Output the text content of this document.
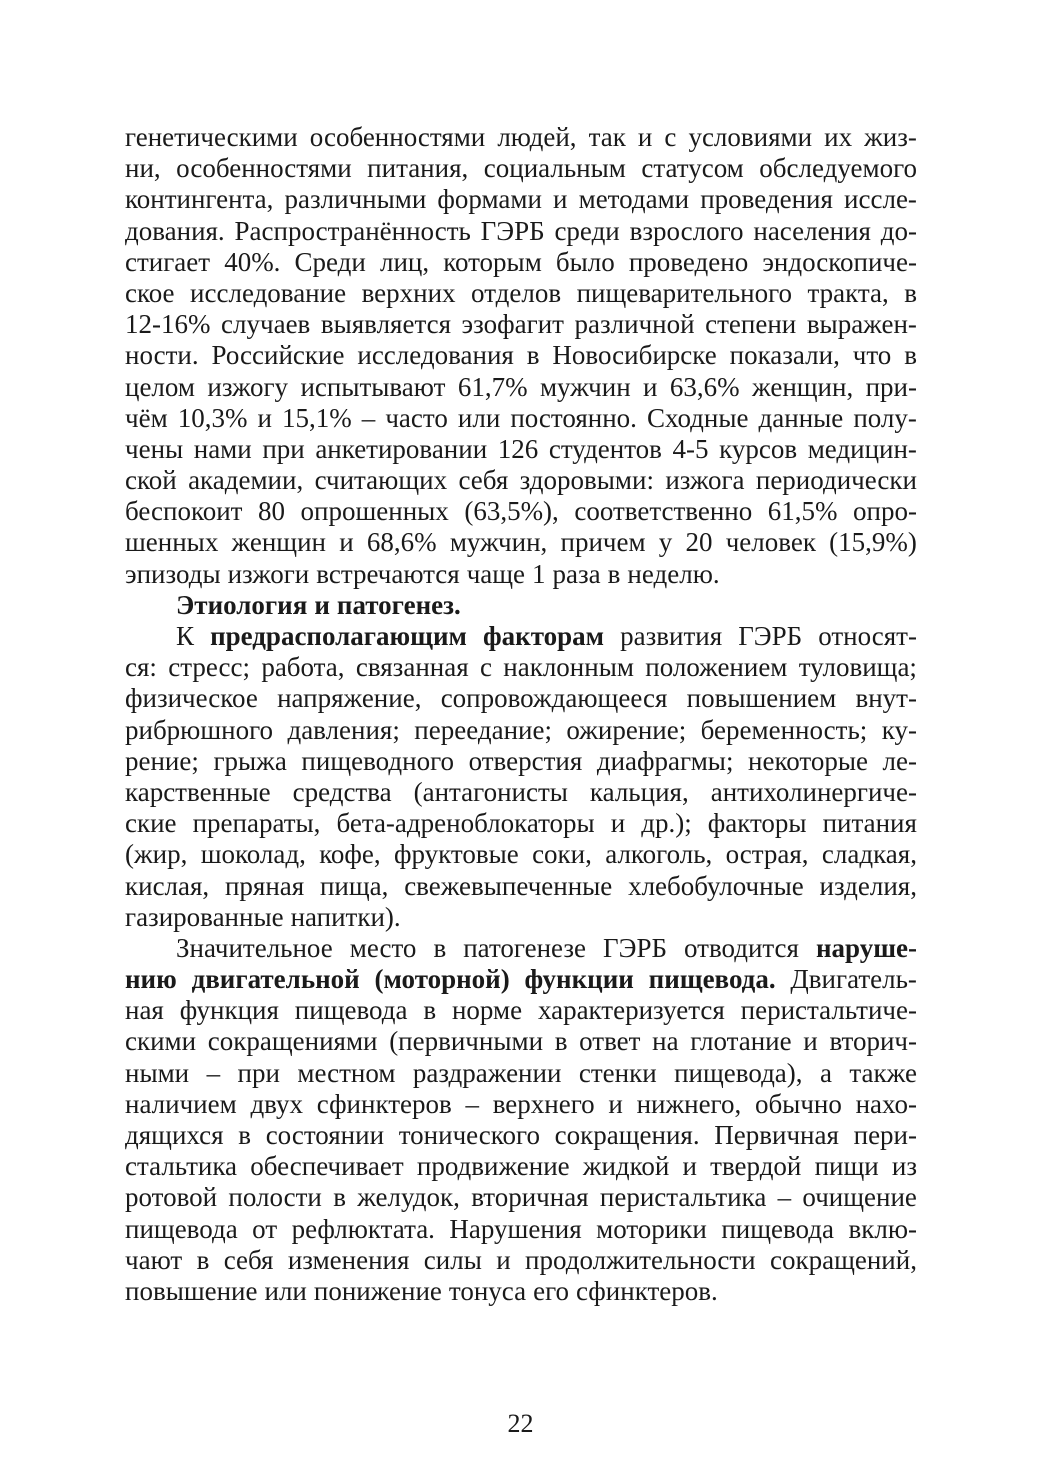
генетическими особенностями людей, так и с условиями их жиз-
ни, особенностями питания, социальным статусом обследуемого
контингента, различными формами и методами проведения иссле-
дования. Распространённость ГЭРБ среди взрослого населения до-
стигает 40%. Среди лиц, которым было проведено эндоскопиче-
ское исследование верхних отделов пищеварительного тракта, в
12-16% случаев выявляется эзофагит различной степени выражен-
ности. Российские исследования в Новосибирске показали, что в
целом изжогу испытывают 61,7% мужчин и 63,6% женщин, при-
чём 10,3% и 15,1% – часто или постоянно. Сходные данные полу-
чены нами при анкетировании 126 студентов 4-5 курсов медицин-
ской академии, считающих себя здоровыми: изжога периодически
беспокоит 80 опрошенных (63,5%), соответственно 61,5% опро-
шенных женщин и 68,6% мужчин, причем у 20 человек (15,9%)
эпизоды изжоги встречаются чаще 1 раза в неделю.
Этиология и патогенез.
К предрасполагающим факторам развития ГЭРБ относят-
ся: стресс; работа, связанная с наклонным положением туловища;
физическое напряжение, сопровождающееся повышением внут-
рибрюшного давления; переедание; ожирение; беременность; ку-
рение; грыжа пищеводного отверстия диафрагмы; некоторые ле-
карственные средства (антагонисты кальция, антихолинергиче-
ские препараты, бета-адреноблокаторы и др.); факторы питания
(жир, шоколад, кофе, фруктовые соки, алкоголь, острая, сладкая,
кислая, пряная пища, свежевыпеченные хлебобулочные изделия,
газированные напитки).
Значительное место в патогенезе ГЭРБ отводится наруше-
нию двигательной (моторной) функции пищевода. Двигатель-
ная функция пищевода в норме характеризуется перистальтиче-
скими сокращениями (первичными в ответ на глотание и вторич-
ными – при местном раздражении стенки пищевода), а также
наличием двух сфинктеров – верхнего и нижнего, обычно нахо-
дящихся в состоянии тонического сокращения. Первичная пери-
стальтика обеспечивает продвижение жидкой и твердой пищи из
ротовой полости в желудок, вторичная перистальтика – очищение
пищевода от рефлюктата. Нарушения моторики пищевода вклю-
чают в себя изменения силы и продолжительности сокращений,
повышение или понижение тонуса его сфинктеров.
22
